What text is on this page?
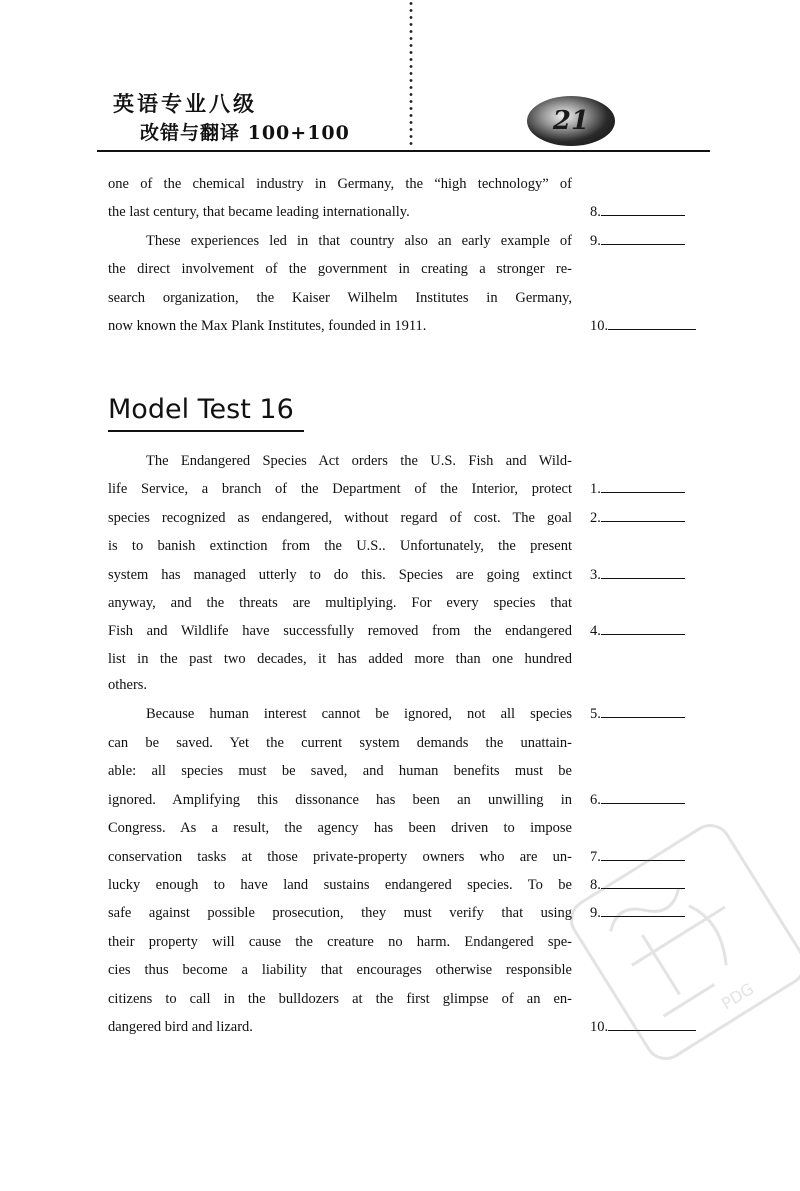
英语专业八级
改错与翻译 100+100	21
one of the chemical industry in Germany, the “high technology” of
the last century, that became leading internationally.
These experiences led in that country also an early example of
the direct involvement of the government in creating a stronger re-
search organization, the Kaiser Wilhelm Institutes in Germany,
now known the Max Plank Institutes, founded in 1911.
8.
9.
10.
Model Test 16
The Endangered Species Act orders the U.S. Fish and Wild-
life Service, a branch of the Department of the Interior, protect
species recognized as endangered, without regard of cost. The goal
is to banish extinction from the U.S.. Unfortunately, the present
system has managed utterly to do this. Species are going extinct
anyway, and the threats are multiplying. For every species that
Fish and Wildlife have successfully removed from the endangered
list in the past two decades, it has added more than one hundred
others.
Because human interest cannot be ignored, not all species
can be saved. Yet the current system demands the unattain-
able: all species must be saved, and human benefits must be
ignored. Amplifying this dissonance has been an unwilling in
Congress. As a result, the agency has been driven to impose
conservation tasks at those private-property owners who are un-
lucky enough to have land sustains endangered species. To be
safe against possible prosecution, they must verify that using
their property will cause the creature no harm. Endangered spe-
cies thus become a liability that encourages otherwise responsible
citizens to call in the bulldozers at the first glimpse of an en-
dangered bird and lizard.
1.
2.
3.
4.
5.
6.
7.
8.
9.
10.
PDG
